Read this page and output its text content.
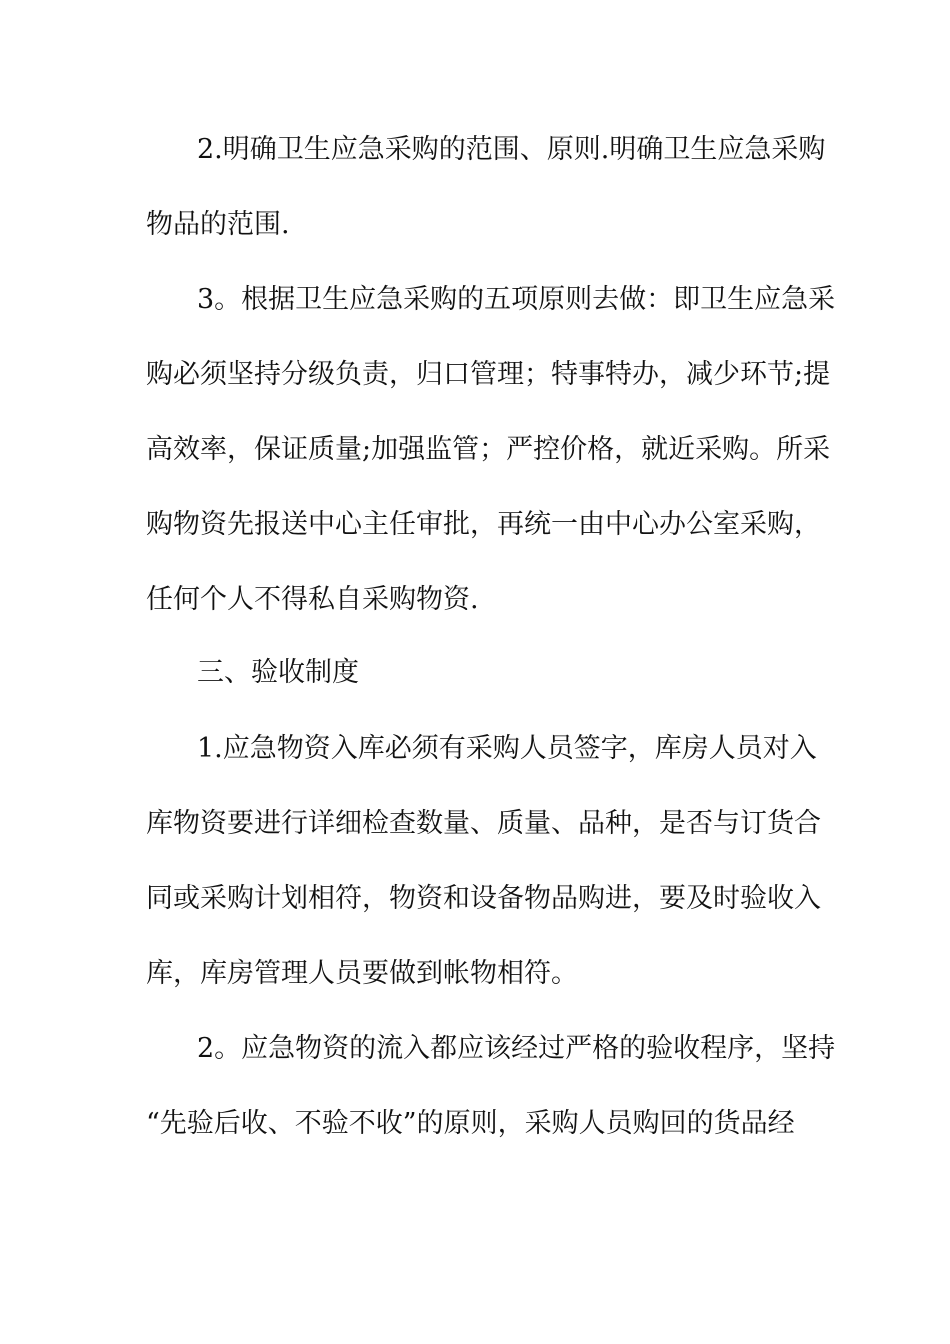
2.明确卫生应急采购的范围、原则.明确卫生应急采购
物品的范围.
3。根据卫生应急采购的五项原则去做：即卫生应急采
购必须坚持分级负责，归口管理；特事特办，减少环节;提
高效率，保证质量;加强监管；严控价格，就近采购。所采
购物资先报送中心主任审批，再统一由中心办公室采购，
任何个人不得私自采购物资.
三、验收制度
1.应急物资入库必须有采购人员签字，库房人员对入
库物资要进行详细检查数量、质量、品种，是否与订货合
同或采购计划相符，物资和设备物品购进，要及时验收入
库，库房管理人员要做到帐物相符。
2。应急物资的流入都应该经过严格的验收程序，坚持
“先验后收、不验不收”的原则，采购人员购回的货品经
